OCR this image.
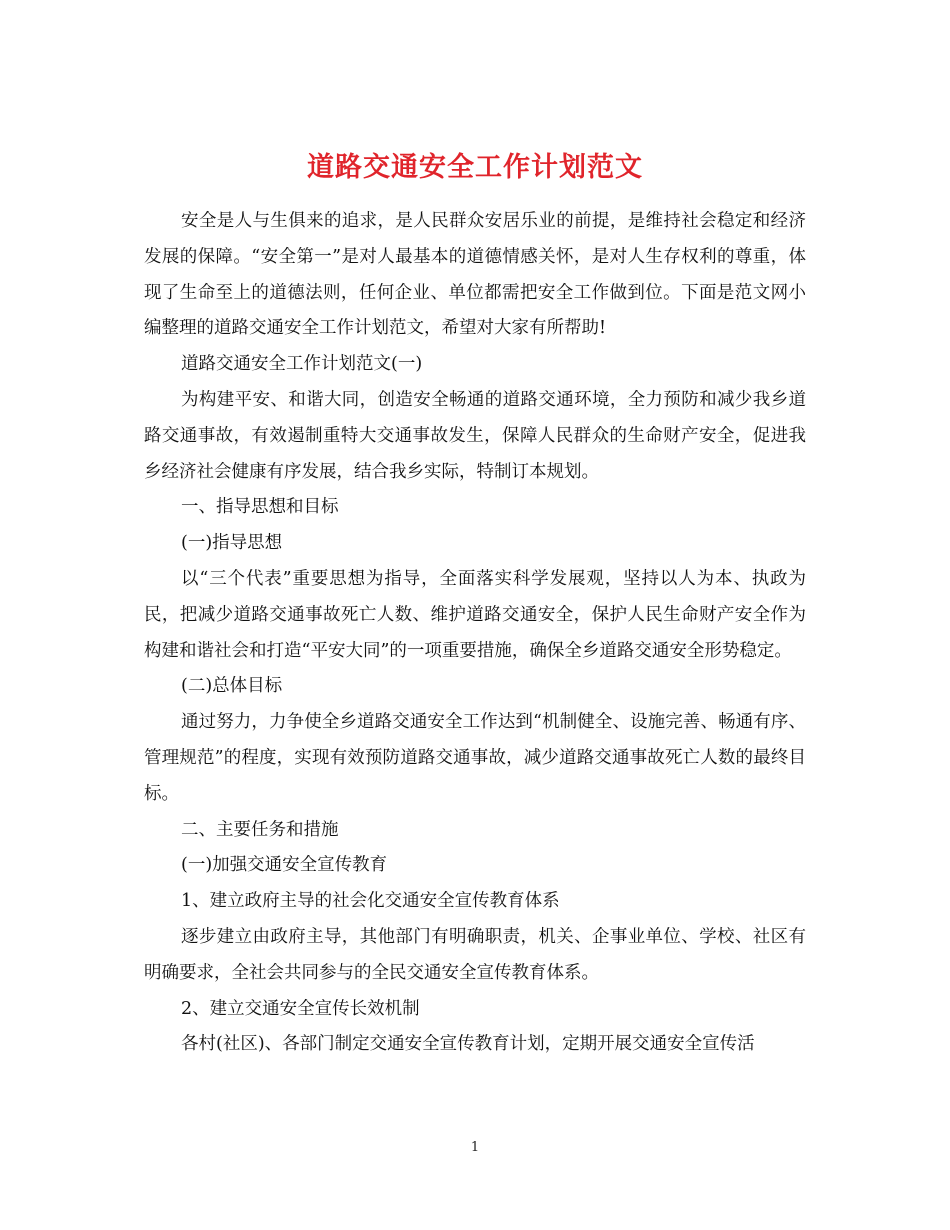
道路交通安全工作计划范文

安全是人与生俱来的追求，是人民群众安居乐业的前提，是维持社会稳定和经济发展的保障。“安全第一”是对人最基本的道德情感关怀，是对人生存权利的尊重，体现了生命至上的道德法则，任何企业、单位都需把安全工作做到位。下面是范文网小编整理的道路交通安全工作计划范文，希望对大家有所帮助!

道路交通安全工作计划范文(一)

为构建平安、和谐大同，创造安全畅通的道路交通环境，全力预防和减少我乡道路交通事故，有效遏制重特大交通事故发生，保障人民群众的生命财产安全，促进我乡经济社会健康有序发展，结合我乡实际，特制订本规划。

一、指导思想和目标

(一)指导思想

以“三个代表”重要思想为指导，全面落实科学发展观，坚持以人为本、执政为民，把减少道路交通事故死亡人数、维护道路交通安全，保护人民生命财产安全作为构建和谐社会和打造“平安大同”的一项重要措施，确保全乡道路交通安全形势稳定。

(二)总体目标

通过努力，力争使全乡道路交通安全工作达到“机制健全、设施完善、畅通有序、管理规范”的程度，实现有效预防道路交通事故，减少道路交通事故死亡人数的最终目标。

二、主要任务和措施

(一)加强交通安全宣传教育

1、建立政府主导的社会化交通安全宣传教育体系

逐步建立由政府主导，其他部门有明确职责，机关、企事业单位、学校、社区有明确要求，全社会共同参与的全民交通安全宣传教育体系。

2、建立交通安全宣传长效机制

各村(社区)、各部门制定交通安全宣传教育计划，定期开展交通安全宣传活

1
